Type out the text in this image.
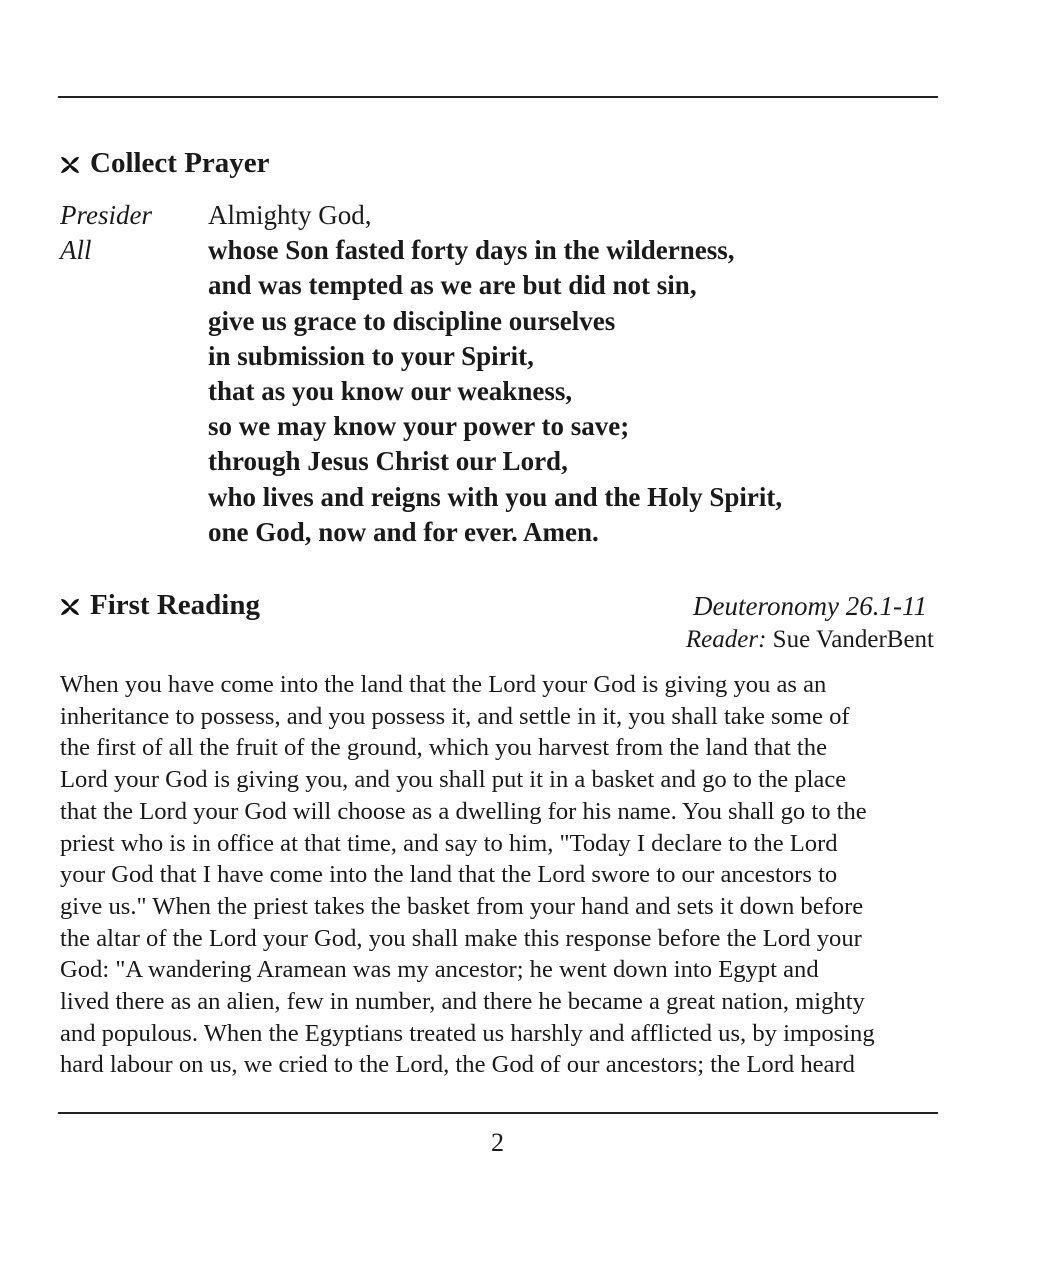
Collect Prayer
Presider
All
Almighty God,
whose Son fasted forty days in the wilderness,
and was tempted as we are but did not sin,
give us grace to discipline ourselves
in submission to your Spirit,
that as you know our weakness,
so we may know your power to save;
through Jesus Christ our Lord,
who lives and reigns with you and the Holy Spirit,
one God, now and for ever. Amen.
First Reading	Deuteronomy 26.1-11
Reader: Sue VanderBent
When you have come into the land that the Lord your God is giving you as an
inheritance to possess, and you possess it, and settle in it, you shall take some of
the first of all the fruit of the ground, which you harvest from the land that the
Lord your God is giving you, and you shall put it in a basket and go to the place
that the Lord your God will choose as a dwelling for his name. You shall go to the
priest who is in office at that time, and say to him, "Today I declare to the Lord
your God that I have come into the land that the Lord swore to our ancestors to
give us." When the priest takes the basket from your hand and sets it down before
the altar of the Lord your God, you shall make this response before the Lord your
God: "A wandering Aramean was my ancestor; he went down into Egypt and
lived there as an alien, few in number, and there he became a great nation, mighty
and populous. When the Egyptians treated us harshly and afflicted us, by imposing
hard labour on us, we cried to the Lord, the God of our ancestors; the Lord heard
2
